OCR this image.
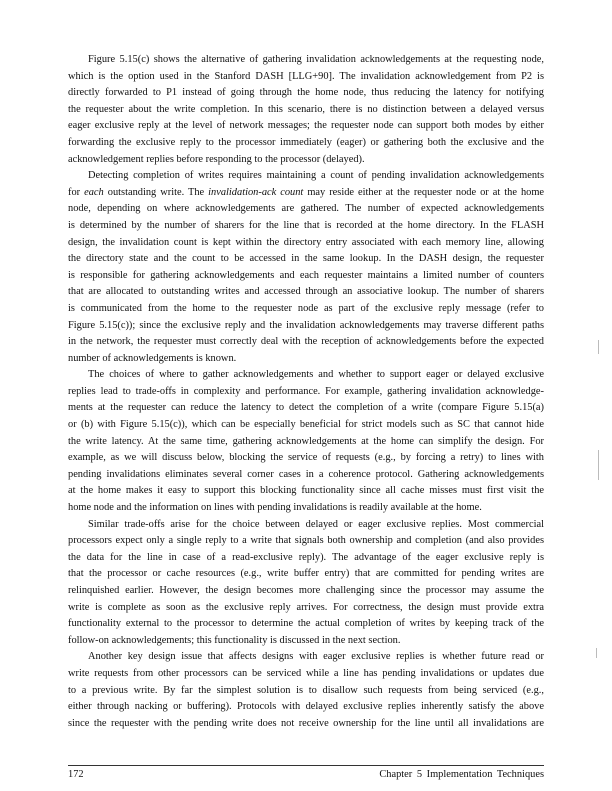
Figure 5.15(c) shows the alternative of gathering invalidation acknowledgements at the requesting node,
which is the option used in the Stanford DASH [LLG+90]. The invalidation acknowledgement from P2 is
directly forwarded to P1 instead of going through the home node, thus reducing the latency for notifying
the requester about the write completion. In this scenario, there is no distinction between a delayed versus
eager exclusive reply at the level of network messages; the requester node can support both modes by either
forwarding the exclusive reply to the processor immediately (eager) or gathering both the exclusive and the
acknowledgement replies before responding to the processor (delayed).
Detecting completion of writes requires maintaining a count of pending invalidation acknowledgements
for each outstanding write. The invalidation-ack count may reside either at the requester node or at the home
node, depending on where acknowledgements are gathered. The number of expected acknowledgements
is determined by the number of sharers for the line that is recorded at the home directory. In the FLASH
design, the invalidation count is kept within the directory entry associated with each memory line, allowing
the directory state and the count to be accessed in the same lookup. In the DASH design, the requester
is responsible for gathering acknowledgements and each requester maintains a limited number of counters
that are allocated to outstanding writes and accessed through an associative lookup. The number of sharers
is communicated from the home to the requester node as part of the exclusive reply message (refer to
Figure 5.15(c)); since the exclusive reply and the invalidation acknowledgements may traverse different paths
in the network, the requester must correctly deal with the reception of acknowledgements before the expected
number of acknowledgements is known.
The choices of where to gather acknowledgements and whether to support eager or delayed exclusive
replies lead to trade-offs in complexity and performance. For example, gathering invalidation acknowledge-
ments at the requester can reduce the latency to detect the completion of a write (compare Figure 5.15(a)
or (b) with Figure 5.15(c)), which can be especially beneficial for strict models such as SC that cannot hide
the write latency. At the same time, gathering acknowledgements at the home can simplify the design. For
example, as we will discuss below, blocking the service of requests (e.g., by forcing a retry) to lines with
pending invalidations eliminates several corner cases in a coherence protocol. Gathering acknowledgements
at the home makes it easy to support this blocking functionality since all cache misses must first visit the
home node and the information on lines with pending invalidations is readily available at the home.
Similar trade-offs arise for the choice between delayed or eager exclusive replies. Most commercial
processors expect only a single reply to a write that signals both ownership and completion (and also provides
the data for the line in case of a read-exclusive reply). The advantage of the eager exclusive reply is
that the processor or cache resources (e.g., write buffer entry) that are committed for pending writes are
relinquished earlier. However, the design becomes more challenging since the processor may assume the
write is complete as soon as the exclusive reply arrives. For correctness, the design must provide extra
functionality external to the processor to determine the actual completion of writes by keeping track of the
follow-on acknowledgements; this functionality is discussed in the next section.
Another key design issue that affects designs with eager exclusive replies is whether future read or
write requests from other processors can be serviced while a line has pending invalidations or updates due
to a previous write. By far the simplest solution is to disallow such requests from being serviced (e.g.,
either through nacking or buffering). Protocols with delayed exclusive replies inherently satisfy the above
since the requester with the pending write does not receive ownership for the line until all invalidations are
172	Chapter 5 Implementation Techniques
